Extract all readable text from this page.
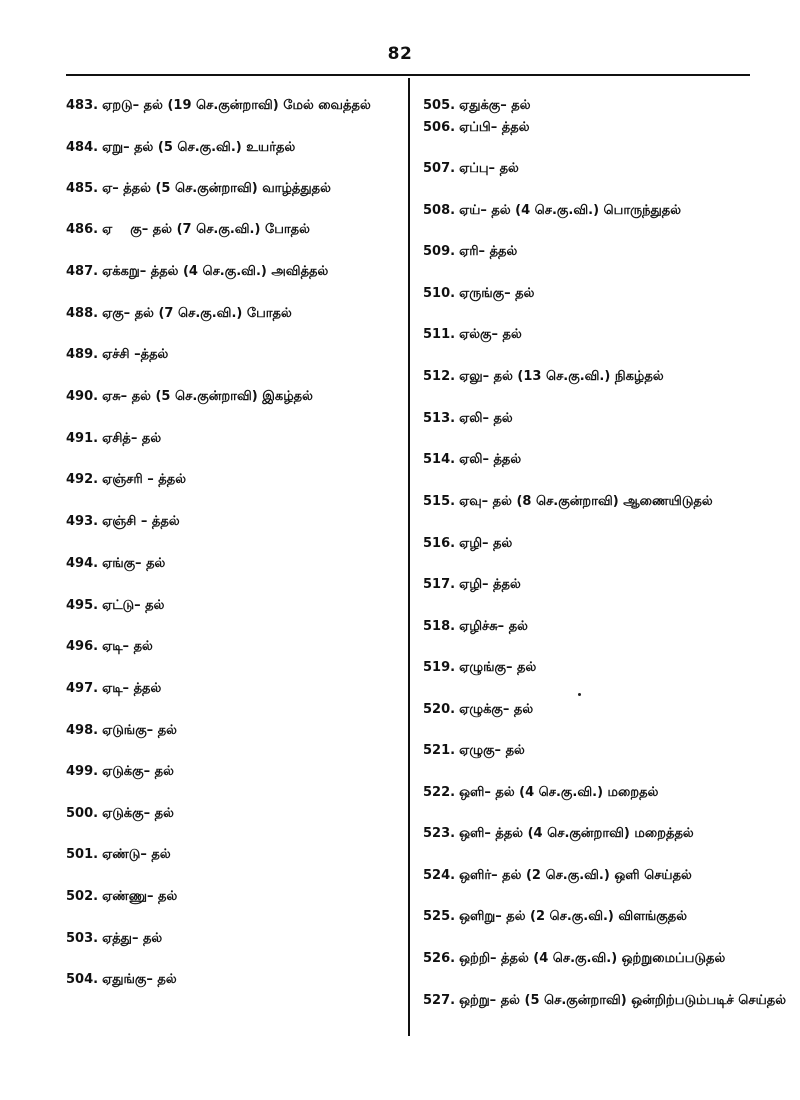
82
483. ஏறடு– தல் (19 செ.குன்றாவி) மேல் வைத்தல்
484. ஏறு– தல் (5 செ.கு.வி.) உயர்தல்
485. ஏ– த்தல் (5 செ.குன்றாவி) வாழ்த்துதல்
486. ஏ    கு– தல் (7 செ.கு.வி.) போதல்
487. ஏக்கறு– த்தல் (4 செ.கு.வி.) அவித்தல்
488. ஏகு– தல் (7 செ.கு.வி.) போதல்
489. ஏச்சி –த்தல்
490. ஏசு– தல் (5 செ.குன்றாவி) இகழ்தல்
491. ஏசித்– தல்
492. ஏஞ்சரி – த்தல்
493. ஏஞ்சி – த்தல்
494. ஏங்கு– தல்
495. ஏட்டு– தல்
496. ஏடி– தல்
497. ஏடி– த்தல்
498. ஏடுங்கு– தல்
499. ஏடுக்கு– தல்
500. ஏடுக்கு– தல்
501. ஏண்டு– தல்
502. ஏண்ணு– தல்
503. ஏத்து– தல்
504. ஏதுங்கு– தல்
505. ஏதுக்கு– தல்
506. ஏப்பி– த்தல்
507. ஏப்பு– தல்
508. ஏய்– தல் (4 செ.கு.வி.) பொருந்துதல்
509. ஏரி– த்தல்
510. ஏருங்கு– தல்
511. ஏல்கு– தல்
512. ஏலு– தல் (13 செ.கு.வி.) நிகழ்தல்
513. ஏலி– தல்
514. ஏலி– த்தல்
515. ஏவு– தல் (8 செ.குன்றாவி) ஆணையிடுதல்
516. ஏழி– தல்
517. ஏழி– த்தல்
518. ஏழிச்சு– தல்
519. ஏழுங்கு– தல்
520. ஏழுக்கு– தல்
521. ஏழுகு– தல்
522. ஒளி– தல் (4 செ.கு.வி.) மறைதல்
523. ஒளி– த்தல் (4 செ.குன்றாவி) மறைத்தல்
524. ஒளிர்– தல் (2 செ.கு.வி.) ஒளி செய்தல்
525. ஒளிறு– தல் (2 செ.கு.வி.) விளங்குதல்
526. ஒற்றி– த்தல் (4 செ.கு.வி.) ஒற்றுமைப்படுதல்
527. ஒற்று– தல் (5 செ.குன்றாவி) ஒன்றிற்படும்படிச் செய்தல்
